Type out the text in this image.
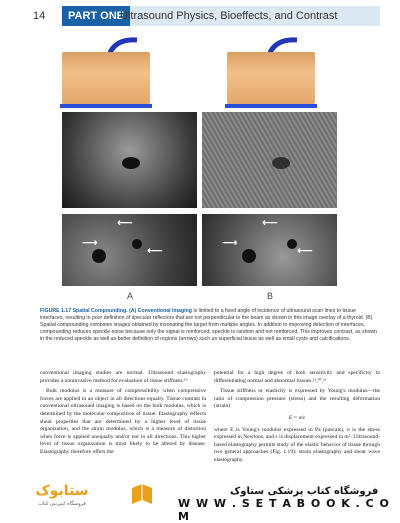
14	PART ONE
Ultrasound Physics, Bioeffects, and Contrast
⟵
⟶
⟵
⟵
⟶
⟵
A	B
FIGURE 1.17 Spatial Compounding. (A) Conventional imaging is limited to a fixed angle of incidence of ultrasound scan lines to tissue interfaces, resulting in poor definition of specular reflectors that are not perpendicular to the beam as shown in this image overlay of a thyroid. (B) Spatial compounding combines images obtained by insonating the target from multiple angles. In addition to improving detection of interfaces, compounding reduces speckle noise because only the signal is reinforced; speckle is random and not reinforced. This improves contrast, as shown in the reduced speckle as well as better definition of regions (arrows) such as superficial tissue as well as small cysts and calcifications.

conventional imaging studies are normal. Ultrasound elastography provides a noninvasive method for evaluation of tissue stiffness.¹⁹

Bulk modulus is a measure of compressibility when compressive forces are applied to an object in all directions equally. Tissue contrast in conventional ultrasound imaging is based on the bulk modulus, which is determined by the molecular composition of tissue. Elastography reflects shear properties that are determined by a higher level of tissue organization, and the strain modulus, which is a measure of distortion when force is applied unequally and/or not in all directions. This higher level of tissue organization is most likely to be altered by disease. Elastography therefore offers the

potential for a high degree of both sensitivity and specificity in differentiating normal and abnormal tissues.¹³,²⁰,²¹

Tissue stiffness or elasticity is expressed by Young's modulus—the ratio of compression pressure (stress) and the resulting deformation (strain)

E = σ/ε

where E is Young's modulus expressed in Pa (pascals), σ is the stress expressed in Newtons, and ε is displacement expressed in m². Ultrasound-based elastography permits study of the elastic behavior of tissue through two general approaches (Fig. 1.19): strain elastography and shear wave elastography.

ستابوک
فروشگاه اینترنتی کتاب
فروشگاه کتاب پزشکی ستاوک
W W W . S E T A B O O K . C O M
